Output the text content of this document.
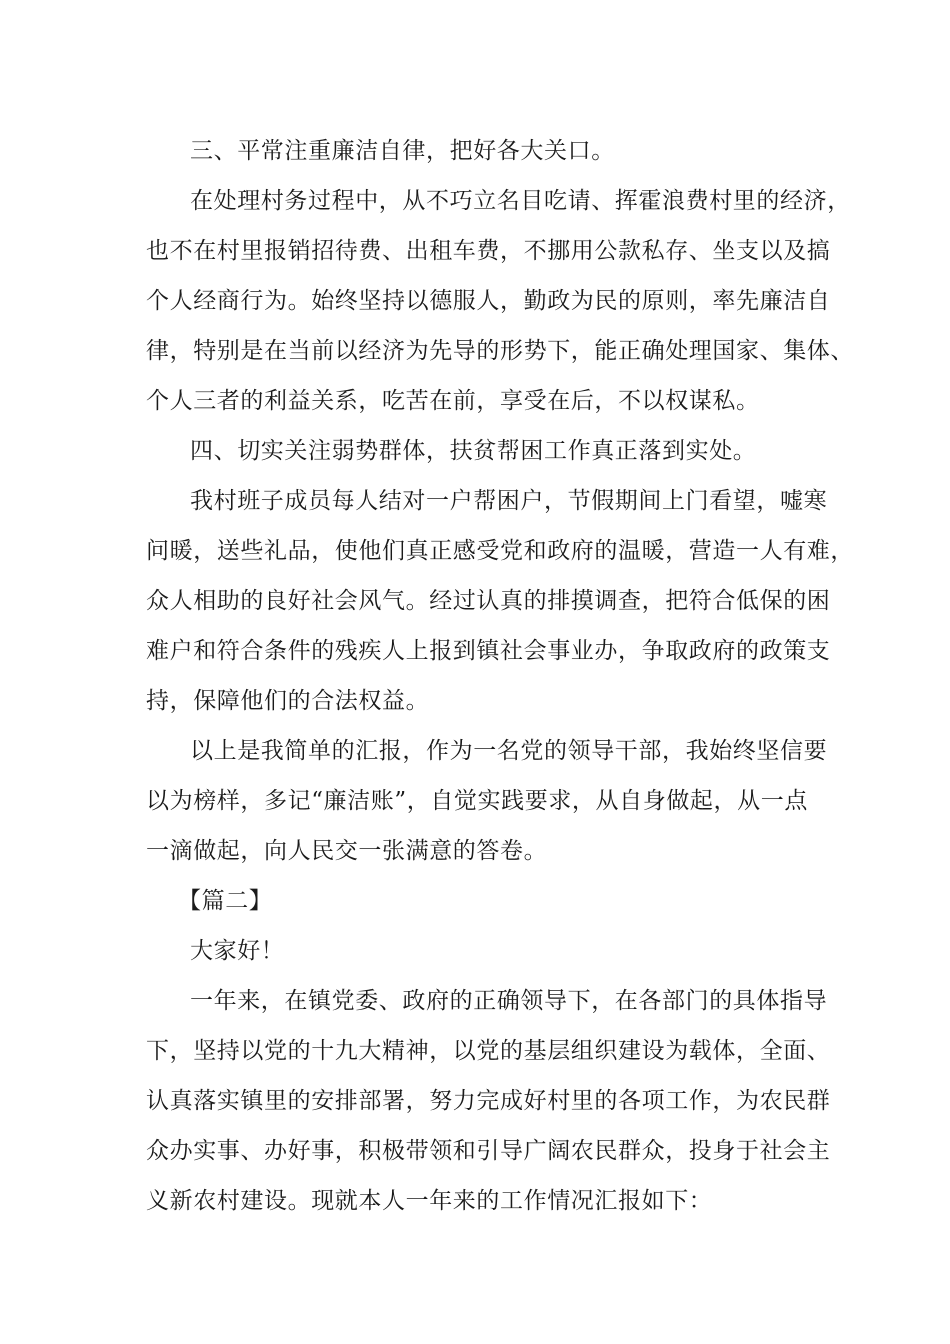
三、平常注重廉洁自律，把好各大关口。

在处理村务过程中，从不巧立名目吃请、挥霍浪费村里的经济，

也不在村里报销招待费、出租车费，不挪用公款私存、坐支以及搞

个人经商行为。始终坚持以德服人，勤政为民的原则，率先廉洁自

律，特别是在当前以经济为先导的形势下，能正确处理国家、集体、

个人三者的利益关系，吃苦在前，享受在后，不以权谋私。

四、切实关注弱势群体，扶贫帮困工作真正落到实处。

我村班子成员每人结对一户帮困户，节假期间上门看望，嘘寒

问暖，送些礼品，使他们真正感受党和政府的温暖，营造一人有难，

众人相助的良好社会风气。经过认真的排摸调查，把符合低保的困

难户和符合条件的残疾人上报到镇社会事业办，争取政府的政策支

持，保障他们的合法权益。

以上是我简单的汇报，作为一名党的领导干部，我始终坚信要

以为榜样，多记“廉洁账”，自觉实践要求，从自身做起，从一点

一滴做起，向人民交一张满意的答卷。

【篇二】

大家好！

一年来，在镇党委、政府的正确领导下，在各部门的具体指导

下，坚持以党的十九大精神，以党的基层组织建设为载体，全面、

认真落实镇里的安排部署，努力完成好村里的各项工作，为农民群

众办实事、办好事，积极带领和引导广阔农民群众，投身于社会主

义新农村建设。现就本人一年来的工作情况汇报如下：
